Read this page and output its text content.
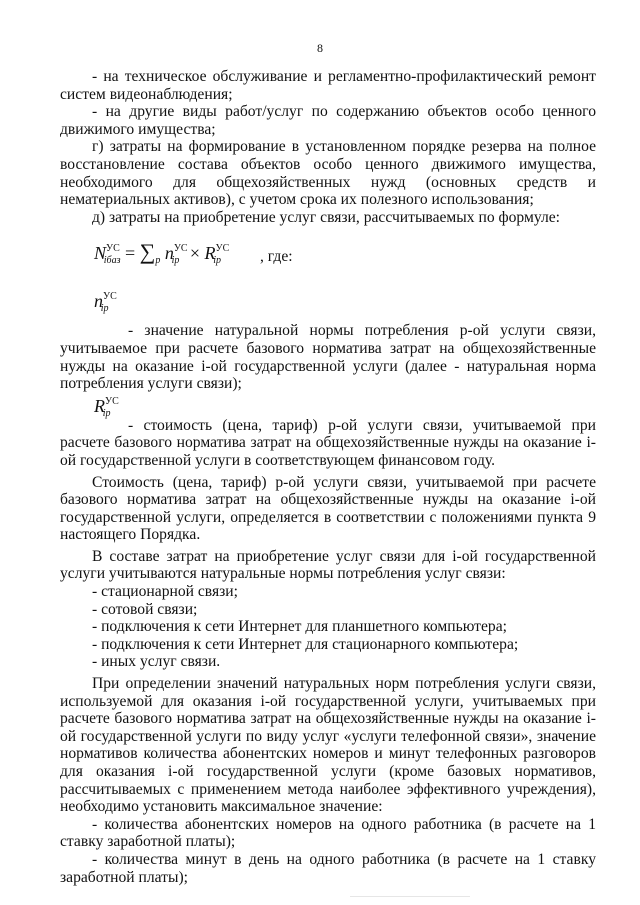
8

- на техническое обслуживание и регламентно-профилактический ремонт систем видеонаблюдения;

- на другие виды работ/услуг по содержанию объектов особо ценного движимого имущества;

г) затраты на формирование в установленном порядке резерва на полное восстановление состава объектов особо ценного движимого имущества, необходимого для общехозяйственных нужд (основных средств и нематериальных активов), с учетом срока их полезного использования;

д) затраты на приобретение услуг связи, рассчитываемых по формуле:

$N^{УС}_{iбаз} = \sum_p$ $n^{УС}_{ip} \times R^{УС}_{ip}$ , где:
$n^{УС}_{ip}$

- значение натуральной нормы потребления p-ой услуги связи, учитываемое при расчете базового норматива затрат на общехозяйственные нужды на оказание i-ой государственной услуги (далее - натуральная норма потребления услуги связи);

$R^{УС}_{ip}$

- стоимость (цена, тариф) p-ой услуги связи, учитываемой при расчете базового норматива затрат на общехозяйственные нужды на оказание i-ой государственной услуги в соответствующем финансовом году.

Стоимость (цена, тариф) p-ой услуги связи, учитываемой при расчете базового норматива затрат на общехозяйственные нужды на оказание i-ой государственной услуги, определяется в соответствии с положениями пункта 9 настоящего Порядка.

В составе затрат на приобретение услуг связи для i-ой государственной услуги учитываются натуральные нормы потребления услуг связи:

- стационарной связи;

- сотовой связи;

- подключения к сети Интернет для планшетного компьютера;

- подключения к сети Интернет для стационарного компьютера;

- иных услуг связи.

При определении значений натуральных норм потребления услуги связи, используемой для оказания i-ой государственной услуги, учитываемых при расчете базового норматива затрат на общехозяйственные нужды на оказание i-ой государственной услуги по виду услуг «услуги телефонной связи», значение нормативов количества абонентских номеров и минут телефонных разговоров для оказания i-ой государственной услуги (кроме базовых нормативов, рассчитываемых с применением метода наиболее эффективного учреждения), необходимо установить максимальное значение:

- количества абонентских номеров на одного работника (в расчете на 1 ставку заработной платы);

- количества минут в день на одного работника (в расчете на 1 ставку заработной платы);
